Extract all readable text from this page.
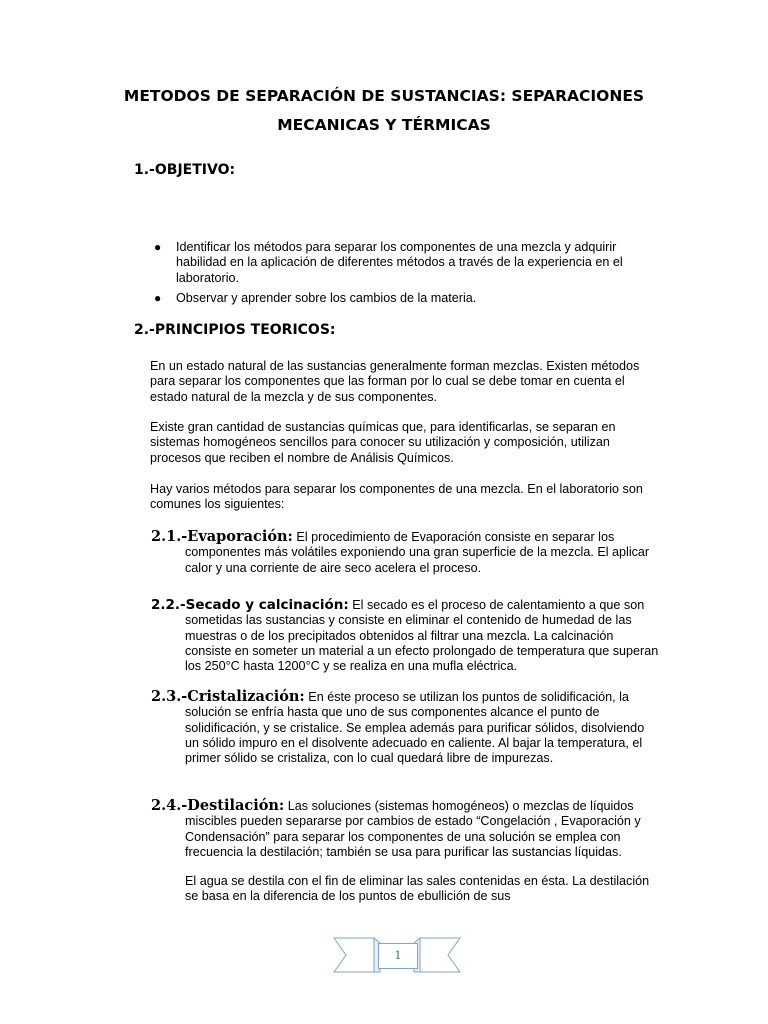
METODOS DE SEPARACIÓN DE SUSTANCIAS: SEPARACIONES
MECANICAS Y TÉRMICAS
1.-OBJETIVO:
● Identificar los métodos para separar los componentes de una mezcla y adquirir habilidad en la aplicación de diferentes métodos a través de la experiencia en el laboratorio.
● Observar y aprender sobre los cambios de la materia.
2.-PRINCIPIOS TEORICOS:
En un estado natural de las sustancias generalmente forman mezclas. Existen métodos para separar los componentes que las forman por lo cual se debe tomar en cuenta el estado natural de la mezcla y de sus componentes.
Existe gran cantidad de sustancias químicas que, para identificarlas, se separan en sistemas homogéneos sencillos para conocer su utilización y composición, utilizan procesos que reciben el nombre de Análisis Químicos.
Hay varios métodos para separar los componentes de una mezcla. En el laboratorio son comunes los siguientes:
2.1.-Evaporación: El procedimiento de Evaporación consiste en separar los
componentes más volátiles exponiendo una gran superficie de la mezcla. El aplicar calor y una corriente de aire seco acelera el proceso.
2.2.-Secado y calcinación: El secado es el proceso de calentamiento a que son
sometidas las sustancias y consiste en eliminar el contenido de humedad de las muestras o de los precipitados obtenidos al filtrar una mezcla. La calcinación consiste en someter un material a un efecto prolongado de temperatura que superan los 250°C hasta 1200°C y se realiza en una mufla eléctrica.
2.3.-Cristalización: En éste proceso se utilizan los puntos de solidificación, la
solución se enfría hasta que uno de sus componentes alcance el punto de solidificación, y se cristalice. Se emplea además para purificar sólidos, disolviendo un sólido impuro en el disolvente adecuado en caliente. Al bajar la temperatura, el primer sólido se cristaliza, con lo cual quedará libre de impurezas.
2.4.-Destilación: Las soluciones (sistemas homogéneos) o mezclas de líquidos
miscibles pueden separarse por cambios de estado “Congelación , Evaporación y Condensación” para separar los componentes de una solución se emplea con frecuencia la destilación; también se usa para purificar las sustancias líquidas.
El agua se destila con el fin de eliminar las sales contenidas en ésta. La destilación se basa en la diferencia de los puntos de ebullición de sus
1
